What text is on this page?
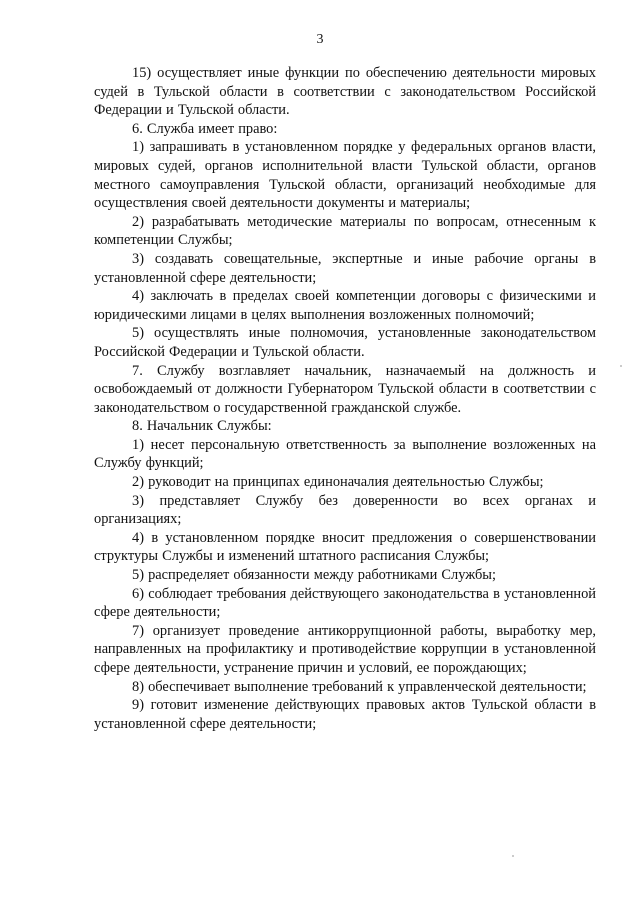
3

15) осуществляет иные функции по обеспечению деятельности мировых судей в Тульской области в соответствии с законодательством Российской Федерации и Тульской области.

6. Служба имеет право:

1) запрашивать в установленном порядке у федеральных органов власти, мировых судей, органов исполнительной власти Тульской области, органов местного самоуправления Тульской области, организаций необходимые для осуществления своей деятельности документы и материалы;

2) разрабатывать методические материалы по вопросам, отнесенным к компетенции Службы;

3) создавать совещательные, экспертные и иные рабочие органы в установленной сфере деятельности;

4) заключать в пределах своей компетенции договоры с физическими и юридическими лицами в целях выполнения возложенных полномочий;

5) осуществлять иные полномочия, установленные законодательством Российской Федерации и Тульской области.

7. Службу возглавляет начальник, назначаемый на должность и освобождаемый от должности Губернатором Тульской области в соответствии с законодательством о государственной гражданской службе.

8. Начальник Службы:

1) несет персональную ответственность за выполнение возложенных на Службу функций;

2) руководит на принципах единоначалия деятельностью Службы;

3) представляет Службу без доверенности во всех органах и организациях;

4) в установленном порядке вносит предложения о совершенствовании структуры Службы и изменений штатного расписания Службы;

5) распределяет обязанности между работниками Службы;

6) соблюдает требования действующего законодательства в установленной сфере деятельности;

7) организует проведение антикоррупционной работы, выработку мер, направленных на профилактику и противодействие коррупции в установленной сфере деятельности, устранение причин и условий, ее порождающих;

8) обеспечивает выполнение требований к управленческой деятельности;

9) готовит изменение действующих правовых актов Тульской области в установленной сфере деятельности;
